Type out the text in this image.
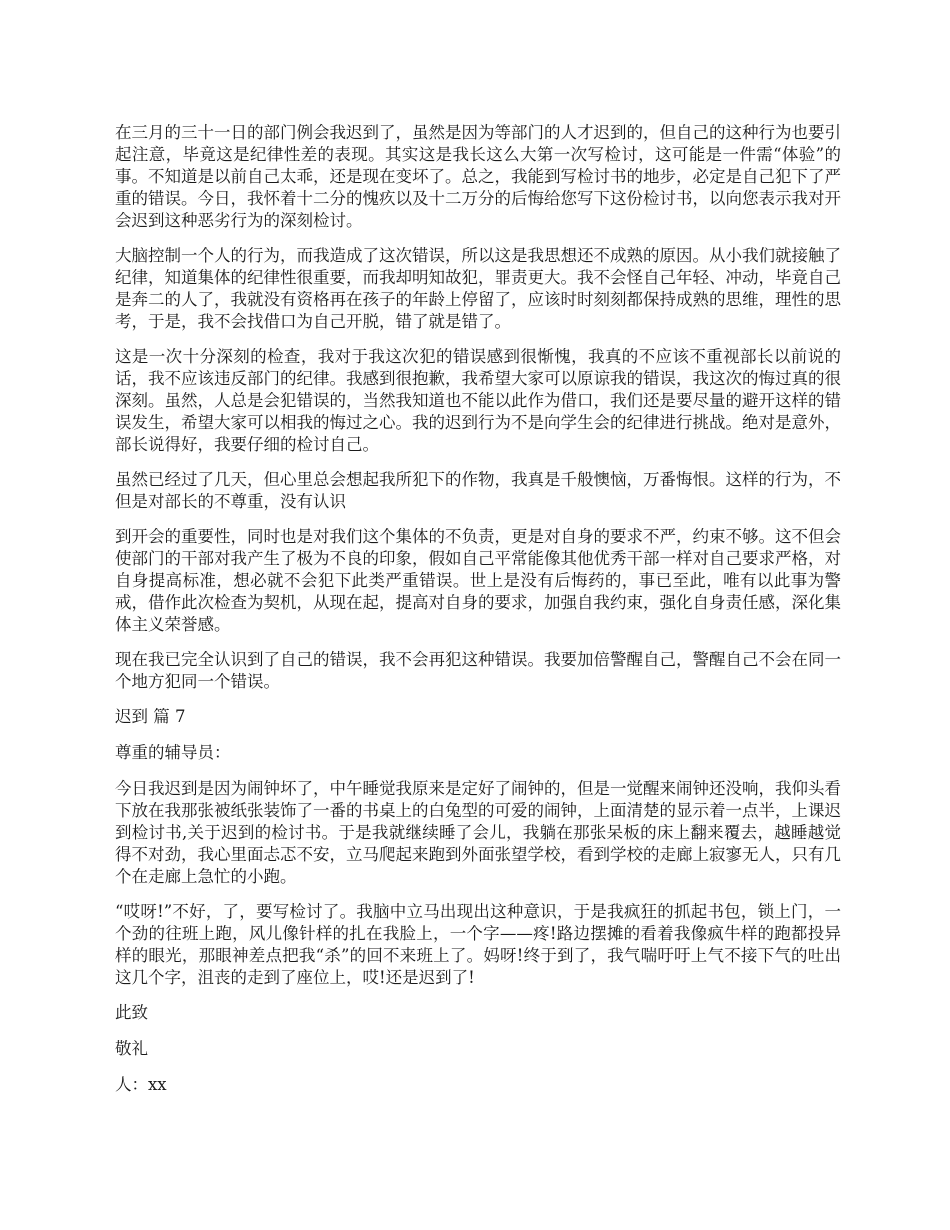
在三月的三十一日的部门例会我迟到了，虽然是因为等部门的人才迟到的，但自己的这种行为也要引起注意，毕竟这是纪律性差的表现。其实这是我长这么大第一次写检讨，这可能是一件需“体验”的事。不知道是以前自己太乖，还是现在变坏了。总之，我能到写检讨书的地步，必定是自己犯下了严重的错误。今日，我怀着十二分的愧疚以及十二万分的后悔给您写下这份检讨书，以向您表示我对开会迟到这种恶劣行为的深刻检讨。

大脑控制一个人的行为，而我造成了这次错误，所以这是我思想还不成熟的原因。从小我们就接触了纪律，知道集体的纪律性很重要，而我却明知故犯，罪责更大。我不会怪自己年轻、冲动，毕竟自己是奔二的人了，我就没有资格再在孩子的年龄上停留了，应该时时刻刻都保持成熟的思维，理性的思考，于是，我不会找借口为自己开脱，错了就是错了。

这是一次十分深刻的检查，我对于我这次犯的错误感到很惭愧，我真的不应该不重视部长以前说的话，我不应该违反部门的纪律。我感到很抱歉，我希望大家可以原谅我的错误，我这次的悔过真的很深刻。虽然，人总是会犯错误的，当然我知道也不能以此作为借口，我们还是要尽量的避开这样的错误发生，希望大家可以相我的悔过之心。我的迟到行为不是向学生会的纪律进行挑战。绝对是意外，部长说得好，我要仔细的检讨自己。

虽然已经过了几天，但心里总会想起我所犯下的作物，我真是千般懊恼，万番悔恨。这样的行为，不但是对部长的不尊重，没有认识

到开会的重要性，同时也是对我们这个集体的不负责，更是对自身的要求不严，约束不够。这不但会使部门的干部对我产生了极为不良的印象，假如自己平常能像其他优秀干部一样对自己要求严格，对自身提高标准，想必就不会犯下此类严重错误。世上是没有后悔药的，事已至此，唯有以此事为警戒，借作此次检查为契机，从现在起，提高对自身的要求，加强自我约束，强化自身责任感，深化集体主义荣誉感。

现在我已完全认识到了自己的错误，我不会再犯这种错误。我要加倍警醒自己，警醒自己不会在同一个地方犯同一个错误。

迟到 篇 7

尊重的辅导员：

今日我迟到是因为闹钟坏了，中午睡觉我原来是定好了闹钟的，但是一觉醒来闹钟还没响，我仰头看下放在我那张被纸张装饰了一番的书桌上的白兔型的可爱的闹钟，上面清楚的显示着一点半，上课迟到检讨书,关于迟到的检讨书。于是我就继续睡了会儿，我躺在那张呆板的床上翻来覆去，越睡越觉得不对劲，我心里面忐忑不安，立马爬起来跑到外面张望学校，看到学校的走廊上寂寥无人，只有几个在走廊上急忙的小跑。

“哎呀!”不好，了，要写检讨了。我脑中立马出现出这种意识，于是我疯狂的抓起书包，锁上门，一个劲的往班上跑，风儿像针样的扎在我脸上，一个字——疼!路边摆摊的看着我像疯牛样的跑都投异样的眼光，那眼神差点把我“杀”的回不来班上了。妈呀!终于到了，我气喘吁吁上气不接下气的吐出这几个字，沮丧的走到了座位上，哎!还是迟到了!

此致

敬礼

人：xx
